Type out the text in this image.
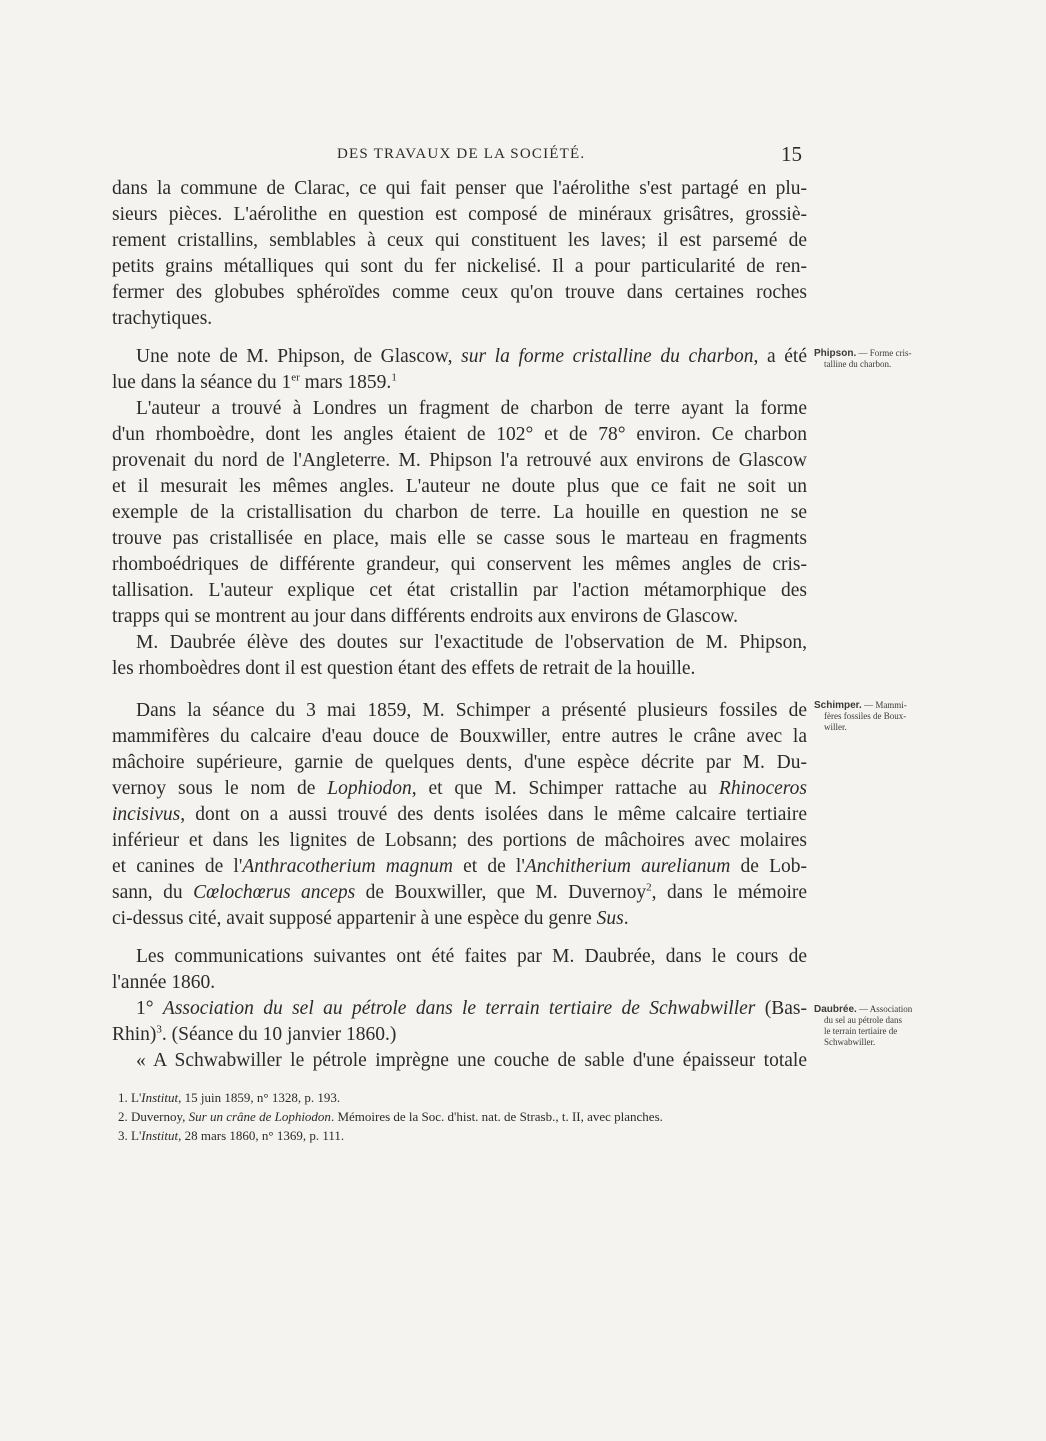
DES TRAVAUX DE LA SOCIÉTÉ.	15
dans la commune de Clarac, ce qui fait penser que l'aérolithe s'est partagé en plu-
sieurs pièces. L'aérolithe en question est composé de minéraux grisâtres, grossiè-
rement cristallins, semblables à ceux qui constituent les laves; il est parsemé de
petits grains métalliques qui sont du fer nickelisé. Il a pour particularité de ren-
fermer des globubes sphéroïdes comme ceux qu'on trouve dans certaines roches
trachytiques.
Une note de M. Phipson, de Glascow, sur la forme cristalline du charbon, a été
lue dans la séance du 1er mars 1859.$^1$
L'auteur a trouvé à Londres un fragment de charbon de terre ayant la forme
d'un rhomboèdre, dont les angles étaient de 102° et de 78° environ. Ce charbon
provenait du nord de l'Angleterre. M. Phipson l'a retrouvé aux environs de Glascow
et il mesurait les mêmes angles. L'auteur ne doute plus que ce fait ne soit un
exemple de la cristallisation du charbon de terre. La houille en question ne se
trouve pas cristallisée en place, mais elle se casse sous le marteau en fragments
rhomboédriques de différente grandeur, qui conservent les mêmes angles de cris-
tallisation. L'auteur explique cet état cristallin par l'action métamorphique des
trapps qui se montrent au jour dans différents endroits aux environs de Glascow.
M. Daubrée élève des doutes sur l'exactitude de l'observation de M. Phipson,
les rhomboèdres dont il est question étant des effets de retrait de la houille.
Dans la séance du 3 mai 1859, M. Schimper a présenté plusieurs fossiles de
mammifères du calcaire d'eau douce de Bouxwiller, entre autres le crâne avec la
mâchoire supérieure, garnie de quelques dents, d'une espèce décrite par M. Du-
vernoy sous le nom de Lophiodon, et que M. Schimper rattache au Rhinoceros
incisivus, dont on a aussi trouvé des dents isolées dans le même calcaire tertiaire
inférieur et dans les lignites de Lobsann; des portions de mâchoires avec molaires
et canines de l'Anthracotherium magnum et de l'Anchitherium aurelianum de Lob-
sann, du Cœlochœrus anceps de Bouxwiller, que M. Duvernoy$^2$, dans le mémoire
ci-dessus cité, avait supposé appartenir à une espèce du genre Sus.
Les communications suivantes ont été faites par M. Daubrée, dans le cours de
l'année 1860.
1° Association du sel au pétrole dans le terrain tertiaire de Schwabwiller (Bas-
Rhin)$^3$. (Séance du 10 janvier 1860.)
« A Schwabwiller le pétrole imprègne une couche de sable d'une épaisseur totale
Phipson. — Forme cris-
talline du charbon.
Schimper. — Mammi-
fères fossiles de Boux-
willer.
Daubrée. — Association
du sel au pétrole dans
le terrain tertiaire de
Schwabwiller.
1. L'Institut, 15 juin 1859, n° 1328, p. 193.
2. Duvernoy, Sur un crâne de Lophiodon. Mémoires de la Soc. d'hist. nat. de Strasb., t. II, avec planches.
3. L'Institut, 28 mars 1860, n° 1369, p. 111.
